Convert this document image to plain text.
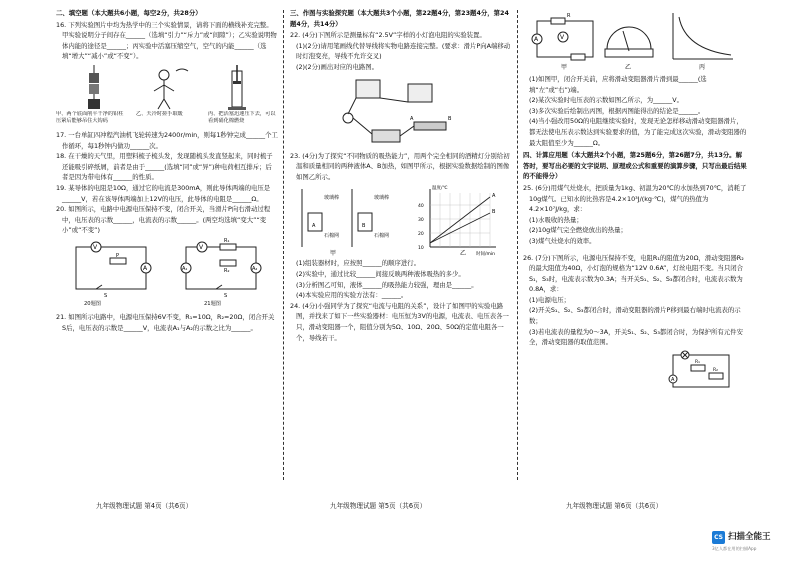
二、填空题（本大题共6小题，每空2分，共28分）

16. 下列实验图片中均为热学中的三个实验情景，请将下面的横线补充完整。甲实验说明分子间存在______（选填“引力”“斥力”或“间隙”）；乙实验说明物体内能的途径是______；丙实验中活塞压缩空气，空气的内能______（选填“增大”“减小”或“不变”）。

甲、两个底面削平干净的铅柱压紧后能够吊住大钩码
乙、天冷时搓手取暖	丙、把活塞迅速压下去，可以看到硝化棉燃烧

17. 一台单缸四冲程汽油机飞轮转速为2400r/min，则每1秒钟完成______个工作循环，每1秒钟内做功______次。

18. 在干燥的天气里，用塑料梳子梳头发，发现随梳头发直竖起来，同时梳子还能吸引碎纸屑，前者是由于______(选填“同”或“异”)种电荷相互排斥；后者是因为带电体有______的性质。

19. 某导体的电阻是10Ω，通过它的电流是300mA，则此导体两端的电压是______V，若在该导体两端加上12V的电压，此导体的电阻是______Ω。

20. 如图所示，电路中电源电压保持不变，闭合开关，当滑片P向右滑动过程中，电压表的示数______，电流表的示数______。(两空均选填“变大”“变小”或“不变”)

V
P
A
S
V
R₁
R₂
A₁	A₂
S
20题图	21题图

21. 如图所示电路中，电源电压保持6V不变，R₁=10Ω，R₂=20Ω，闭合开关S后，电压表的示数是______V，电流表A₁与A₂的示数之比为______。

九年级物理试题 第4页（共6页）
三、作图与实验探究题（本大题共3个小题，第22题4分，第23题4分，第24题4分，共14分）

22. (4分)下图所示是测量标有“2.5V”字样的小灯泡电阻的实验装置。

(1)(2分)请用笔画线代替导线将实物电路连接完整。(要求：滑片P向A端移动时灯泡变亮，导线不允许交叉)

(2)(2分)画出对应的电路图。

A	B

23. (4分)为了探究“不同物质的吸热能力”，用两个完全相同的酒精灯分别给初温和质量相同的两种液体A、B加热，如图甲所示，根据实验数据绘制的图像如图乙所示。

A	B
玻璃棒
石棉网
玻璃棒
石棉网
甲
A
B
40
30
20
10
温度/℃
时间/min
乙

(1)组装器材时，应按照______的顺序进行。

(2)实验中，通过比较______间接反映两种液体吸热的多少。

(3)分析图乙可知，液体______的吸热能力较强，理由是______。

(4)本实验应用的实验方法有：______。

24. (4分)小强同学为了探究“电流与电阻的关系”，设计了如图甲的实验电路图，并找来了如下一些实验器材：电压恒为3V的电源，电流表、电压表各一只，滑动变阻器一个，阻值分别为5Ω、10Ω、20Ω、50Ω的定值电阻各一个，导线若干。

九年级物理试题 第5页（共6页）
R
A	V
甲	乙	丙

(1)如图甲，闭合开关前，应将滑动变阻器滑片滑到最______(选填“左”或“右”)端。

(2)某次实验时电压表的示数如图乙所示，为______V。

(3)多次实验后绘制出丙图，根据丙图能得出的结论是______。

(4)当小强改用50Ω的电阻继续实验时，发现无论怎样移动滑动变阻器滑片，都无法使电压表示数达到实验要求的值，为了能完成这次实验，滑动变阻器的最大阻值至少为______Ω。

四、计算应用题（本大题共2个小题，第25题6分，第26题7分，共13分。解答时，要写出必要的文字说明、原理或公式和重要的演算步骤，只写出最后结果的不能得分）

25. (6分)用煤气灶烧水，把质量为1kg、初温为20℃的水加热到70℃，消耗了10g煤气。已知水的比热容是4.2×10³J/(kg·℃)，煤气的热值为4.2×10⁷J/kg，求：

(1)水吸收的热量；

(2)10g煤气完全燃烧放出的热量；

(3)煤气灶烧水的效率。

26. (7分)下图所示，电源电压保持不变，电阻R₁的阻值为20Ω，滑动变阻器R₂的最大阻值为40Ω，小灯泡的规格为“12V 0.6A”，灯丝电阻不变。当只闭合S₁，S₃时，电流表示数为0.3A；当开关S₁、S₂、S₃都闭合时，电流表示数为0.8A，求：

(1)电源电压；

(2)开关S₁、S₂、S₃都闭合时，滑动变阻器的滑片P移到最右端时电流表的示数；

(3)若电流表的量程为0～3A，开关S₁、S₂、S₃都闭合时，为保护所有元件安全，滑动变阻器的取值范围。

A
R₂
R₁
九年级物理试题 第6页（共6页）
CS 扫描全能王
3亿人都在用的扫描App
